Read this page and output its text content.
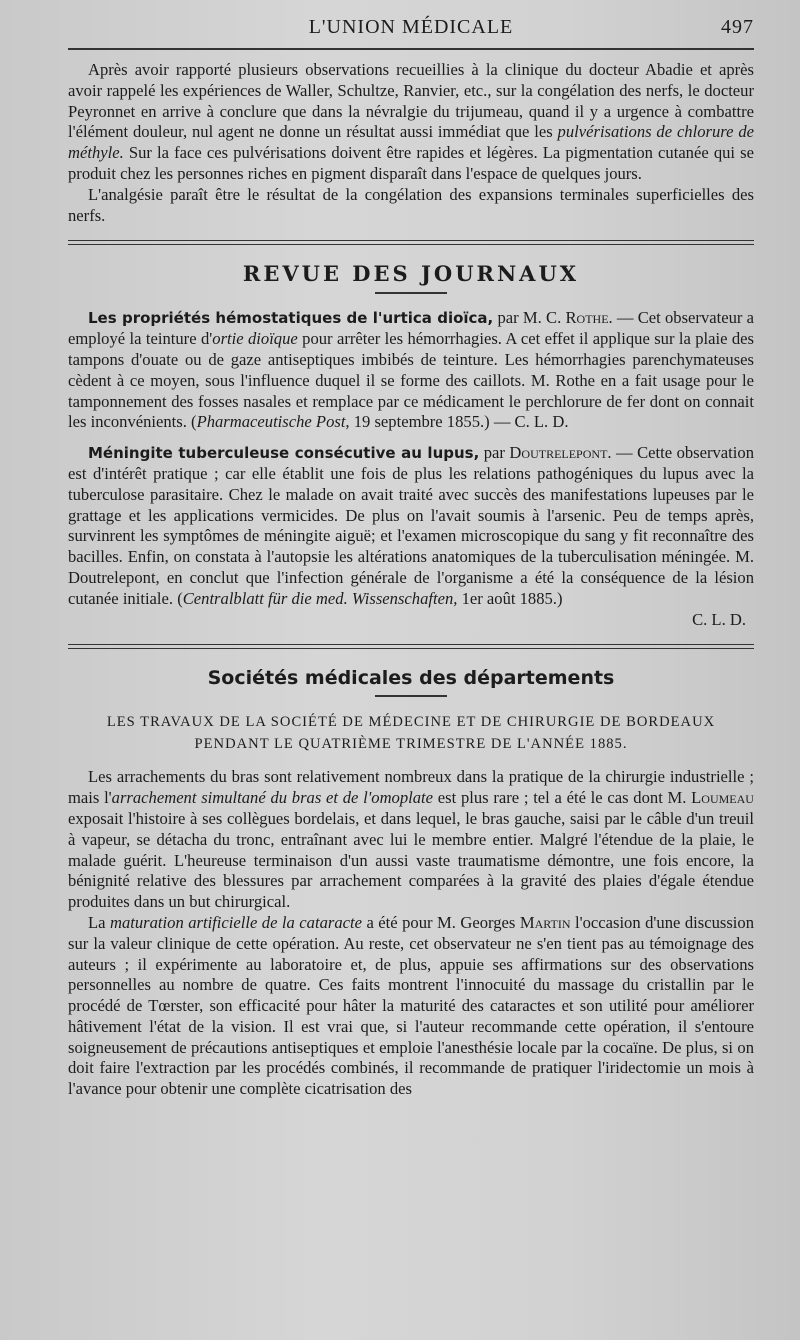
L'UNION MÉDICALE	497

Après avoir rapporté plusieurs observations recueillies à la clinique du docteur Abadie et après avoir rappelé les expériences de Waller, Schultze, Ranvier, etc., sur la congélation des nerfs, le docteur Peyronnet en arrive à conclure que dans la névralgie du trijumeau, quand il y a urgence à combattre l'élément douleur, nul agent ne donne un résultat aussi immédiat que les pulvérisations de chlorure de méthyle. Sur la face ces pulvérisations doivent être rapides et légères. La pigmentation cutanée qui se produit chez les personnes riches en pigment disparaît dans l'espace de quelques jours.

L'analgésie paraît être le résultat de la congélation des expansions terminales superficielles des nerfs.

REVUE DES JOURNAUX

Les propriétés hémostatiques de l'urtica dioïca, par M. C. Rothe. — Cet observateur a employé la teinture d'ortie dioïque pour arrêter les hémorrhagies. A cet effet il applique sur la plaie des tampons d'ouate ou de gaze antiseptiques imbibés de teinture. Les hémorrhagies parenchymateuses cèdent à ce moyen, sous l'influence duquel il se forme des caillots. M. Rothe en a fait usage pour le tamponnement des fosses nasales et remplace par ce médicament le perchlorure de fer dont on connait les inconvénients. (Pharmaceutische Post, 19 septembre 1855.) — C. L. D.

Méningite tuberculeuse consécutive au lupus, par Doutrelepont. — Cette observation est d'intérêt pratique ; car elle établit une fois de plus les relations pathogéniques du lupus avec la tuberculose parasitaire. Chez le malade on avait traité avec succès des manifestations lupeuses par le grattage et les applications vermicides. De plus on l'avait soumis à l'arsenic. Peu de temps après, survinrent les symptômes de méningite aiguë; et l'examen microscopique du sang y fit reconnaître des bacilles. Enfin, on constata à l'autopsie les altérations anatomiques de la tuberculisation méningée. M. Doutrelepont, en conclut que l'infection générale de l'organisme a été la conséquence de la lésion cutanée initiale. (Centralblatt für die med. Wissenschaften, 1er août 1885.)

C. L. D.
Sociétés médicales des départements
LES TRAVAUX DE LA SOCIÉTÉ DE MÉDECINE ET DE CHIRURGIE DE BORDEAUX PENDANT LE QUATRIÈME TRIMESTRE DE L'ANNÉE 1885.

Les arrachements du bras sont relativement nombreux dans la pratique de la chirurgie industrielle ; mais l'arrachement simultané du bras et de l'omoplate est plus rare ; tel a été le cas dont M. Loumeau exposait l'histoire à ses collègues bordelais, et dans lequel, le bras gauche, saisi par le câble d'un treuil à vapeur, se détacha du tronc, entraînant avec lui le membre entier. Malgré l'étendue de la plaie, le malade guérit. L'heureuse terminaison d'un aussi vaste traumatisme démontre, une fois encore, la bénignité relative des blessures par arrachement comparées à la gravité des plaies d'égale étendue produites dans un but chirurgical.

La maturation artificielle de la cataracte a été pour M. Georges Martin l'occasion d'une discussion sur la valeur clinique de cette opération. Au reste, cet observateur ne s'en tient pas au témoignage des auteurs ; il expérimente au laboratoire et, de plus, appuie ses affirmations sur des observations personnelles au nombre de quatre. Ces faits montrent l'innocuité du massage du cristallin par le procédé de Tœrster, son efficacité pour hâter la maturité des cataractes et son utilité pour améliorer hâtivement l'état de la vision. Il est vrai que, si l'auteur recommande cette opération, il s'entoure soigneusement de précautions antiseptiques et emploie l'anesthésie locale par la cocaïne. De plus, si on doit faire l'extraction par les procédés combinés, il recommande de pratiquer l'iridectomie un mois à l'avance pour obtenir une complète cicatrisation des
